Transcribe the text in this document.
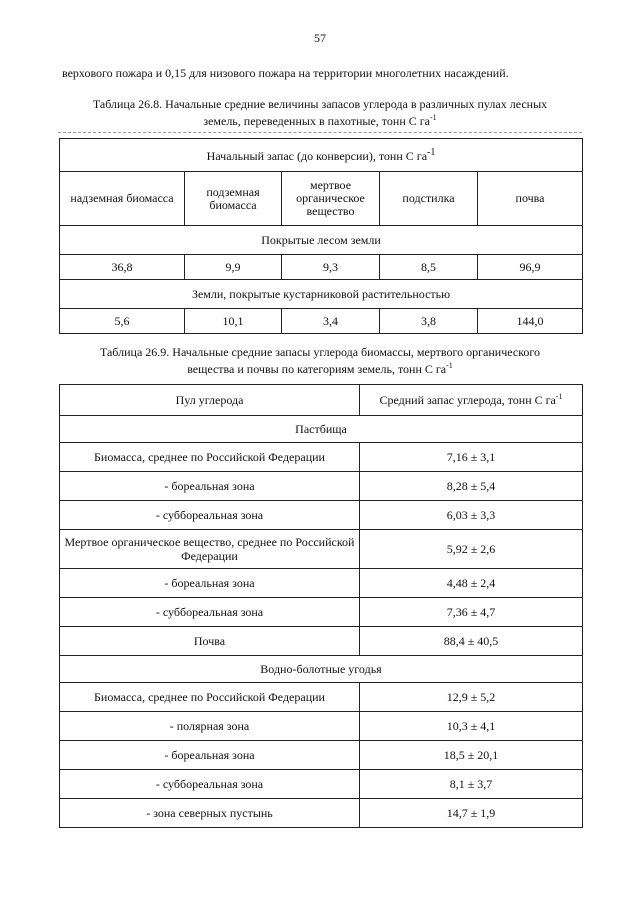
57
верхового пожара и 0,15 для низового пожара на территории многолетних насаждений.
Таблица 26.8. Начальные средние величины запасов углерода в различных пулах лесных
земель, переведенных в пахотные, тонн С $га^{-1}$
Начальный запас (до конверсии), тонн С $га^{-1}$
надземная биомасса	подземная биомасса	мертвое органическое вещество	подстилка	почва
Покрытые лесом земли				
36,8	9,9	9,3	8,5	96,9
Земли, покрытые кустарниковой растительностью				
5,6	10,1	3,4	3,8	144,0
Таблица 26.9. Начальные средние запасы углерода биомассы, мертвого органического
вещества и почвы по категориям земель, тонн С $га^{-1}$
Пул углерода	Средний запас углерода, тонн С $га^{-1}$
Пастбища	
Биомасса, среднее по Российской Федерации	7,16 ± 3,1
- бореальная зона	8,28 ± 5,4
- суббореальная зона	6,03 ± 3,3
Мертвое органическое вещество, среднее по Российской Федерации	5,92 ± 2,6
- бореальная зона	4,48 ± 2,4
- суббореальная зона	7,36 ± 4,7
Почва	88,4 ± 40,5
Водно-болотные угодья	
Биомасса, среднее по Российской Федерации	12,9 ± 5,2
- полярная зона	10,3 ± 4,1
- бореальная зона	18,5 ± 20,1
- суббореальная зона	8,1 ± 3,7
- зона северных пустынь	14,7 ± 1,9
